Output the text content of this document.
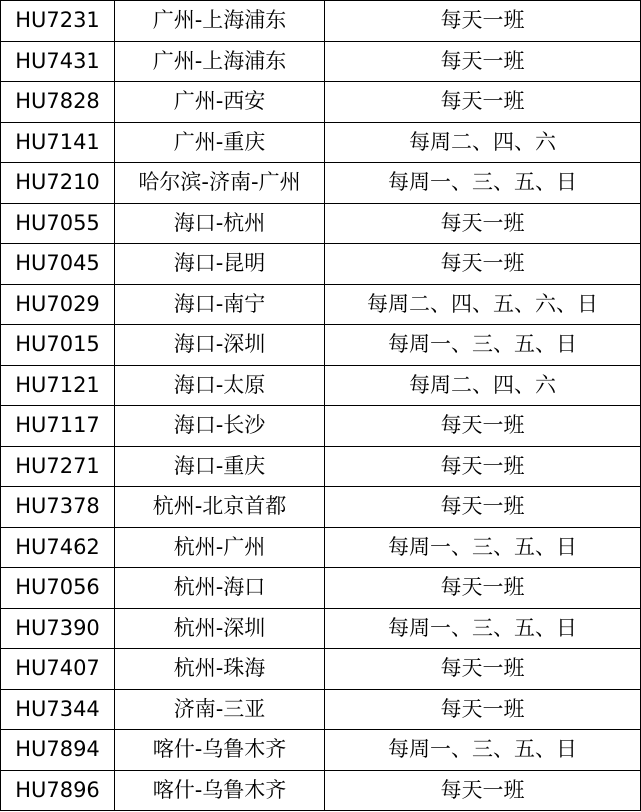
HU7231	广州-上海浦东	每天一班
HU7431	广州-上海浦东	每天一班
HU7828	广州-西安	每天一班
HU7141	广州-重庆	每周二、四、六
HU7210	哈尔滨-济南-广州	每周一、三、五、日
HU7055	海口-杭州	每天一班
HU7045	海口-昆明	每天一班
HU7029	海口-南宁	每周二、四、五、六、日
HU7015	海口-深圳	每周一、三、五、日
HU7121	海口-太原	每周二、四、六
HU7117	海口-长沙	每天一班
HU7271	海口-重庆	每天一班
HU7378	杭州-北京首都	每天一班
HU7462	杭州-广州	每周一、三、五、日
HU7056	杭州-海口	每天一班
HU7390	杭州-深圳	每周一、三、五、日
HU7407	杭州-珠海	每天一班
HU7344	济南-三亚	每天一班
HU7894	喀什-乌鲁木齐	每周一、三、五、日
HU7896	喀什-乌鲁木齐	每天一班
